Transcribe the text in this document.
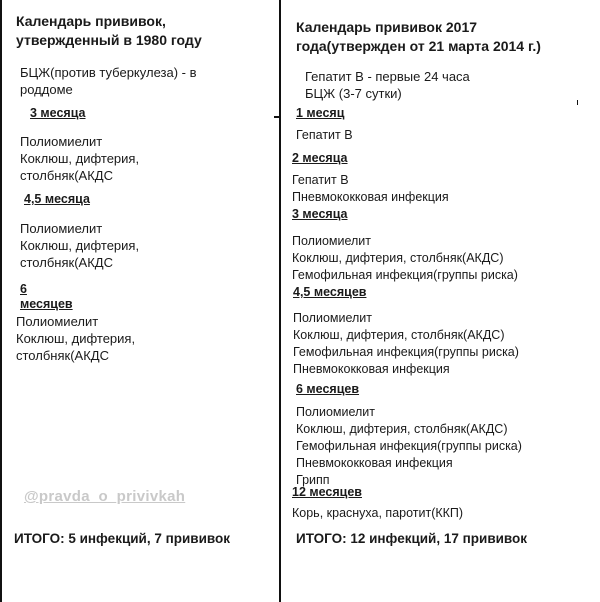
Календарь прививок,
утвержденный в 1980 году
БЦЖ(против туберкулеза) - в
роддоме
3 месяца
Полиомиелит
Коклюш, дифтерия,
столбняк(АКДС
4,5 месяца
Полиомиелит
Коклюш, дифтерия,
столбняк(АКДС
6
месяцев
Полиомиелит
Коклюш, дифтерия,
столбняк(АКДС
@pravda_o_privivkah
ИТОГО: 5 инфекций, 7 прививок
Календарь прививок 2017
года(утвержден от 21 марта 2014 г.)
Гепатит В - первые 24 часа
БЦЖ (3-7 сутки)
1 месяц
Гепатит В
2 месяца
Гепатит В
Пневмококковая инфекция
3 месяца
Полиомиелит
Коклюш, дифтерия, столбняк(АКДС)
Гемофильная инфекция(группы риска)
4,5 месяцев
Полиомиелит
Коклюш, дифтерия, столбняк(АКДС)
Гемофильная инфекция(группы риска)
Пневмококковая инфекция
6 месяцев
Полиомиелит
Коклюш, дифтерия, столбняк(АКДС)
Гемофильная инфекция(группы риска)
Пневмококковая инфекция
Грипп
12 месяцев
Корь, краснуха, паротит(ККП)
ИТОГО: 12 инфекций, 17 прививок
